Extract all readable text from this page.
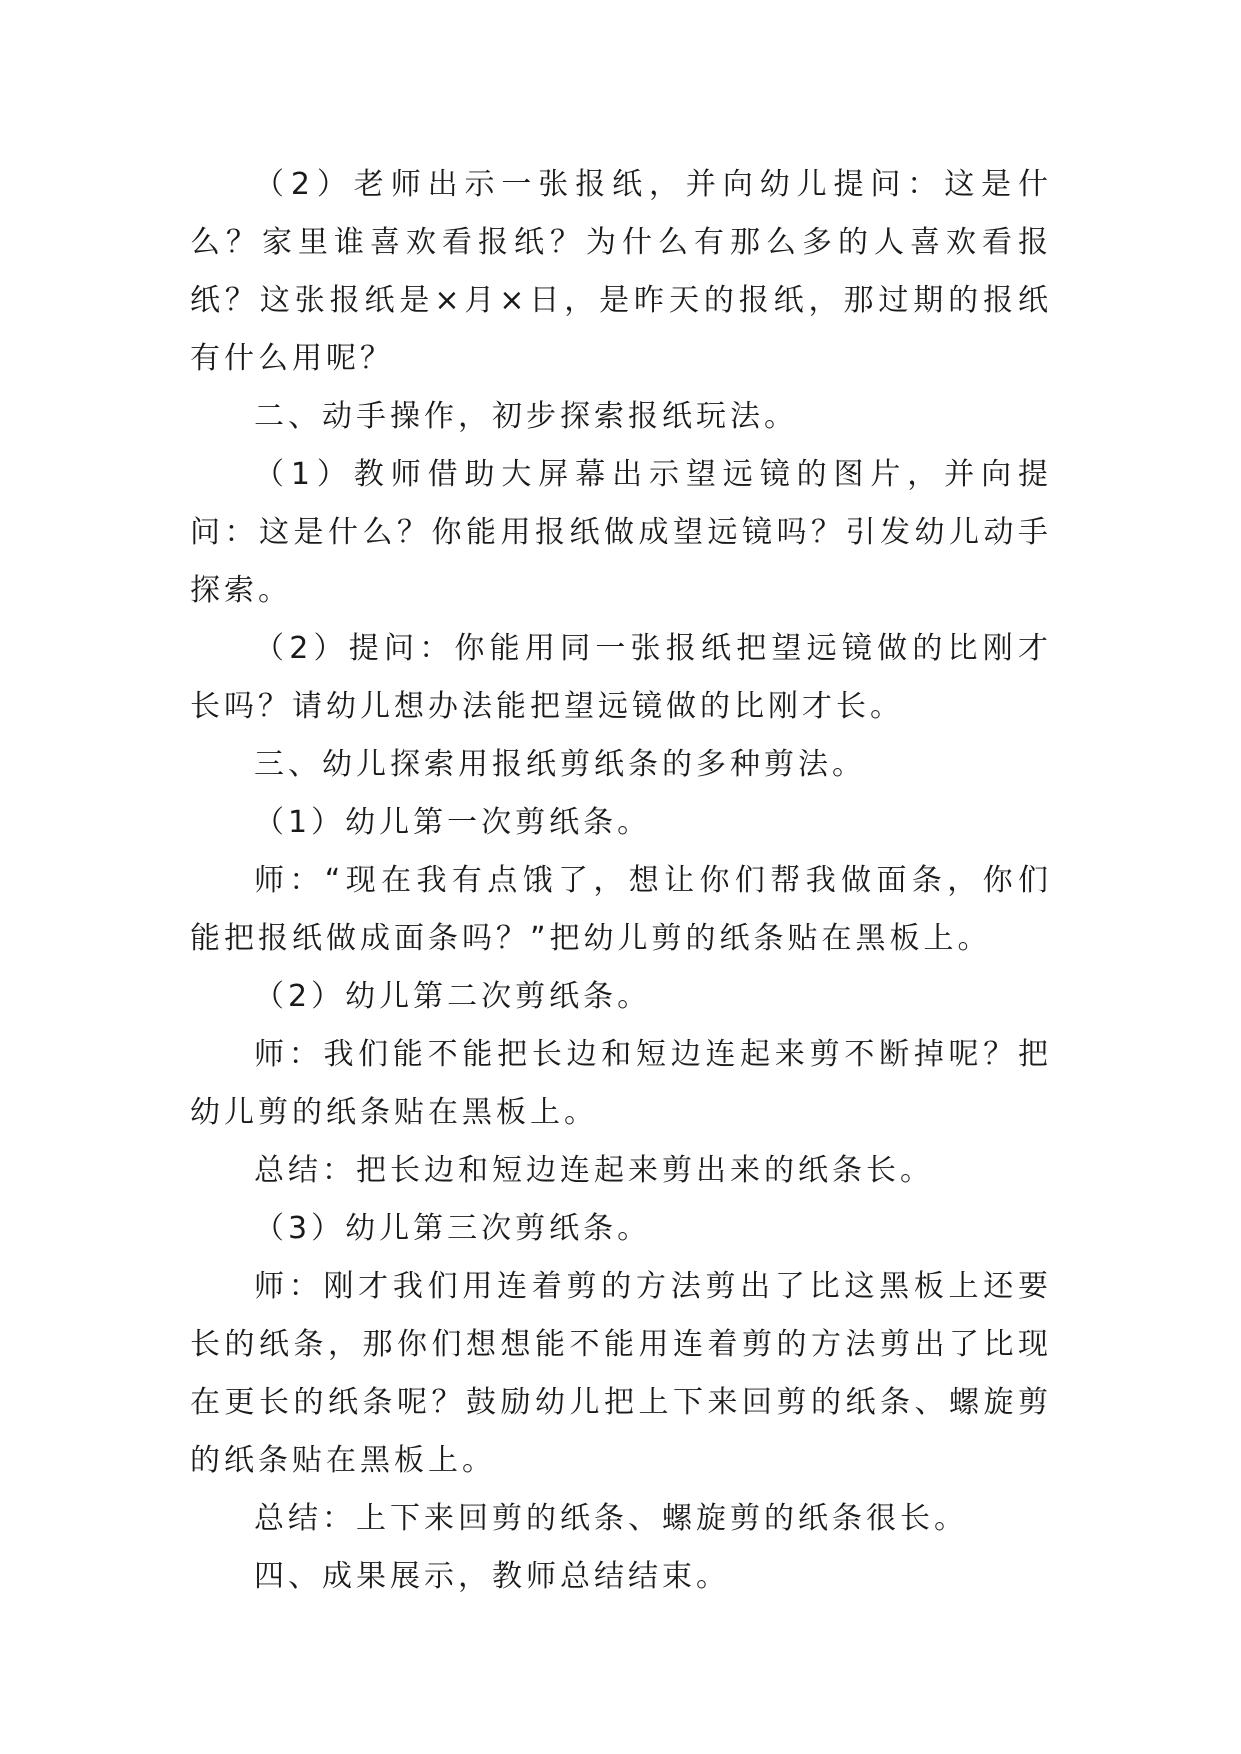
（2）老师出示一张报纸，并向幼儿提问：这是什么？家里谁喜欢看报纸？为什么有那么多的人喜欢看报纸？这张报纸是×月×日，是昨天的报纸，那过期的报纸有什么用呢？

二、动手操作，初步探索报纸玩法。

（1）教师借助大屏幕出示望远镜的图片，并向提问：这是什么？你能用报纸做成望远镜吗？引发幼儿动手探索。

（2）提问：你能用同一张报纸把望远镜做的比刚才长吗？请幼儿想办法能把望远镜做的比刚才长。

三、幼儿探索用报纸剪纸条的多种剪法。

（1）幼儿第一次剪纸条。

师：“现在我有点饿了，想让你们帮我做面条，你们能把报纸做成面条吗？”把幼儿剪的纸条贴在黑板上。

（2）幼儿第二次剪纸条。

师：我们能不能把长边和短边连起来剪不断掉呢？把幼儿剪的纸条贴在黑板上。

总结：把长边和短边连起来剪出来的纸条长。

（3）幼儿第三次剪纸条。

师：刚才我们用连着剪的方法剪出了比这黑板上还要长的纸条，那你们想想能不能用连着剪的方法剪出了比现在更长的纸条呢？鼓励幼儿把上下来回剪的纸条、螺旋剪的纸条贴在黑板上。

总结：上下来回剪的纸条、螺旋剪的纸条很长。

四、成果展示，教师总结结束。
